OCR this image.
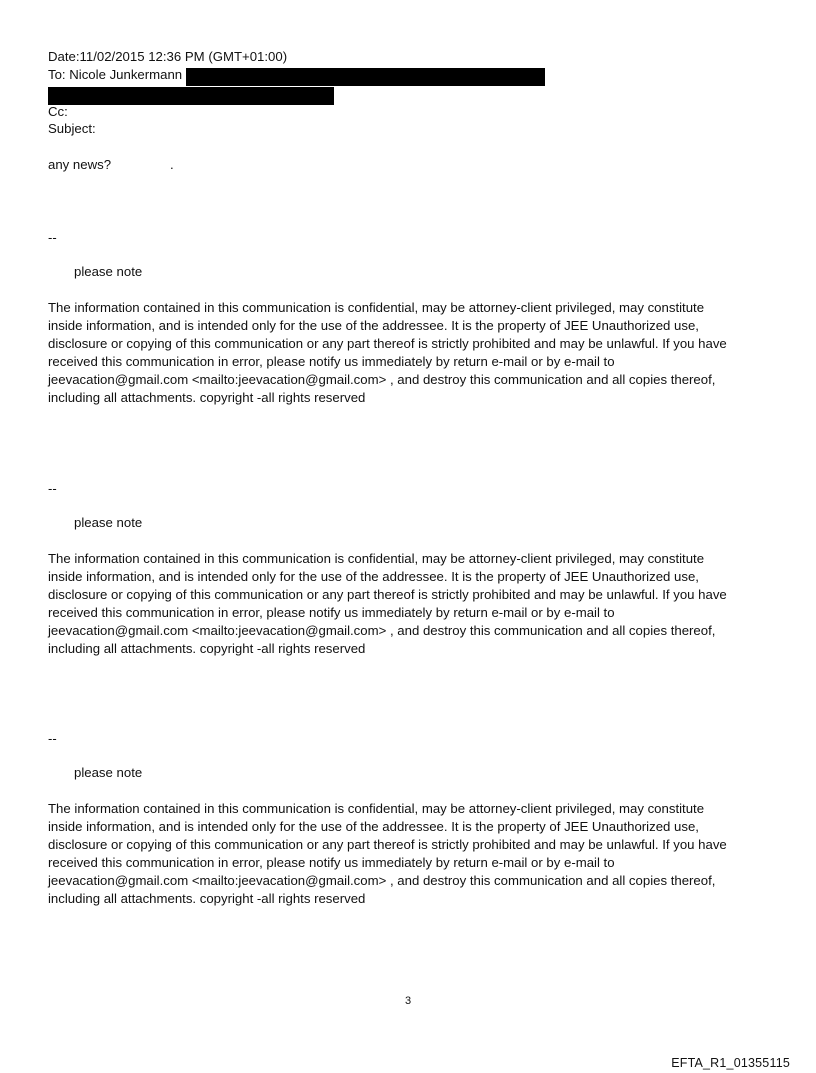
Date:11/02/2015 12:36 PM (GMT+01:00)

To: Nicole Junkermann

Cc:

Subject:

any news?	.

--
please note
The information contained in this communication is confidential, may be attorney-client privileged, may constitute
inside information, and is intended only for the use of the addressee. It is the property of JEE Unauthorized use,
disclosure or copying of this communication or any part thereof is strictly prohibited and may be unlawful. If you have
received this communication in error, please notify us immediately by return e-mail or by e-mail to
jeevacation@gmail.com <mailto:jeevacation@gmail.com> , and destroy this communication and all copies thereof,
including all attachments. copyright -all rights reserved
--
please note
The information contained in this communication is confidential, may be attorney-client privileged, may constitute
inside information, and is intended only for the use of the addressee. It is the property of JEE Unauthorized use,
disclosure or copying of this communication or any part thereof is strictly prohibited and may be unlawful. If you have
received this communication in error, please notify us immediately by return e-mail or by e-mail to
jeevacation@gmail.com <mailto:jeevacation@gmail.com> , and destroy this communication and all copies thereof,
including all attachments. copyright -all rights reserved
--
please note
The information contained in this communication is confidential, may be attorney-client privileged, may constitute
inside information, and is intended only for the use of the addressee. It is the property of JEE Unauthorized use,
disclosure or copying of this communication or any part thereof is strictly prohibited and may be unlawful. If you have
received this communication in error, please notify us immediately by return e-mail or by e-mail to
jeevacation@gmail.com <mailto:jeevacation@gmail.com> , and destroy this communication and all copies thereof,
including all attachments. copyright -all rights reserved
3
EFTA_R1_01355115
